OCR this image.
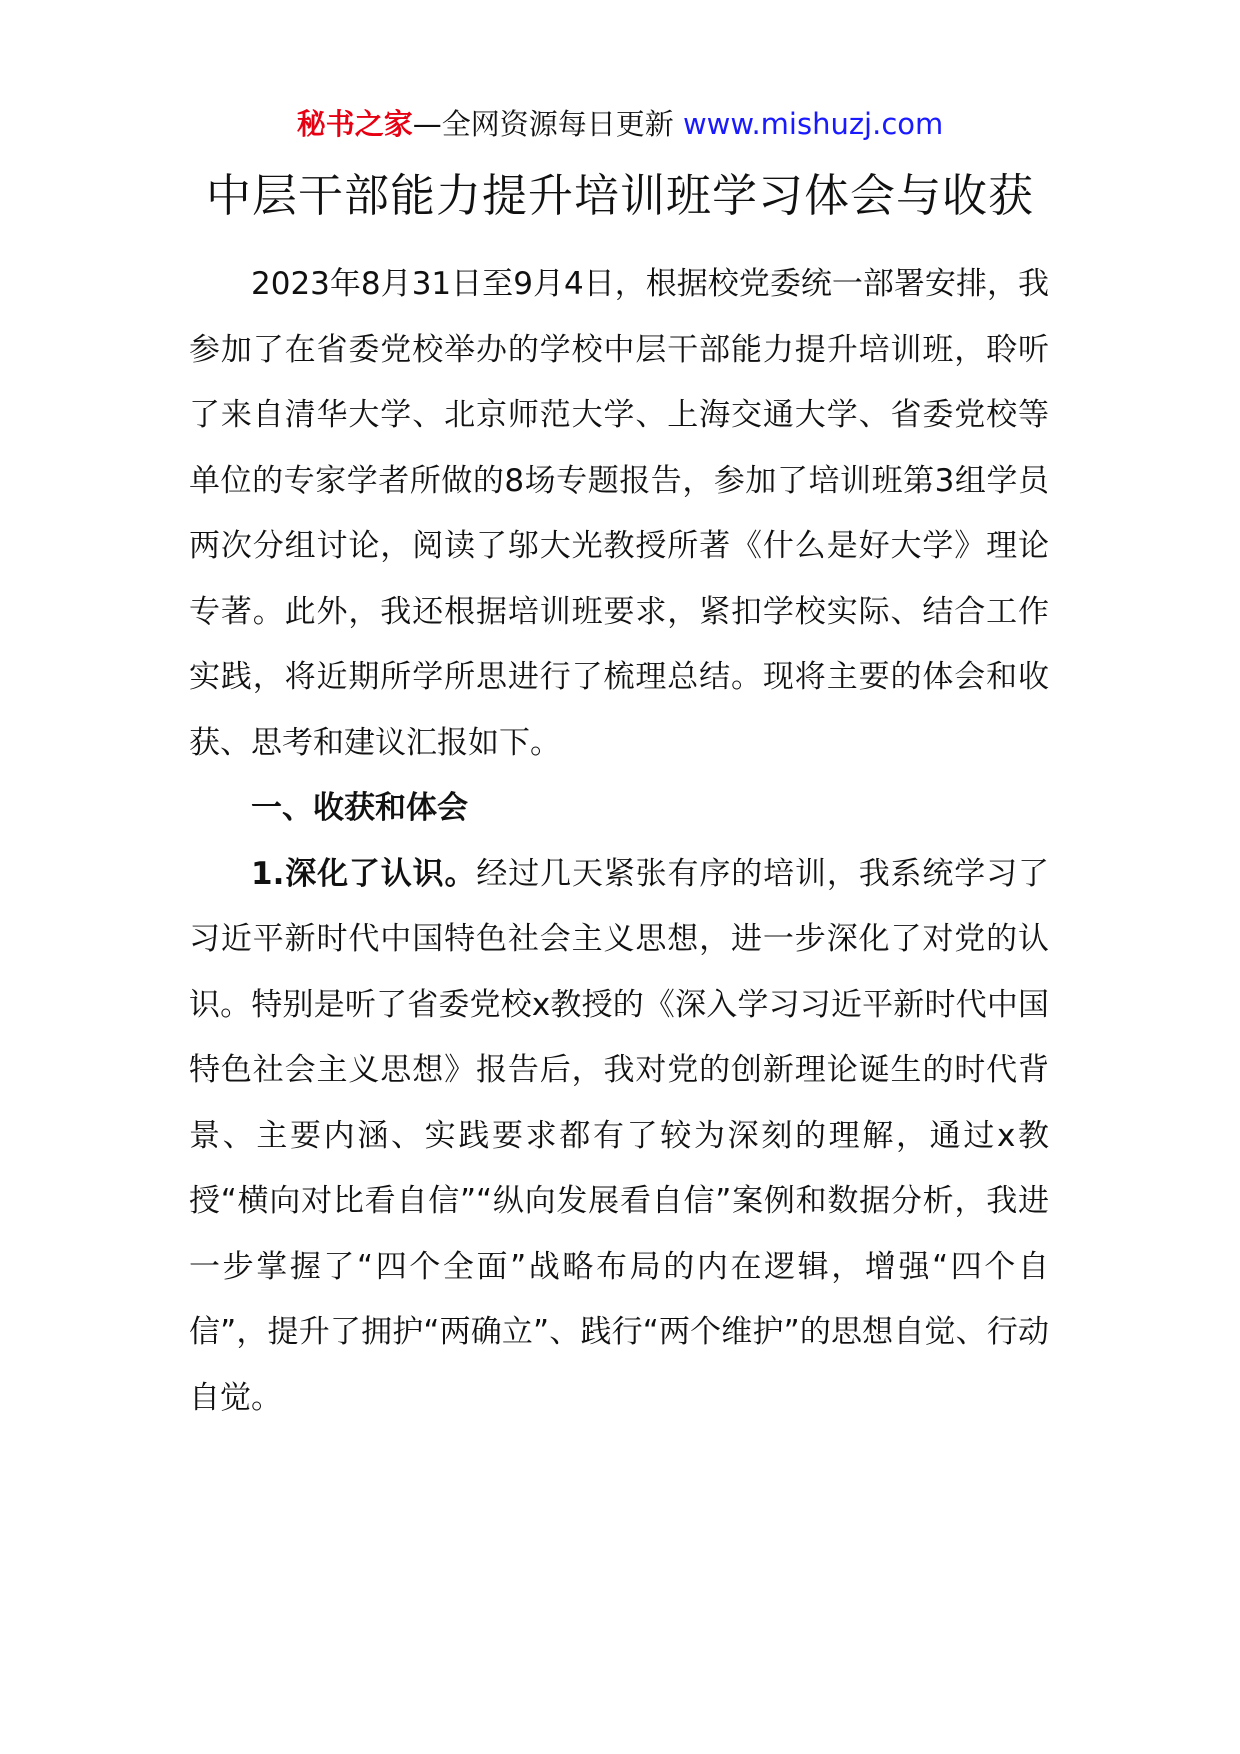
秘书之家—全网资源每日更新 www.mishuzj.com
中层干部能力提升培训班学习体会与收获

2023年8月31日至9月4日，根据校党委统一部署安排，我参加了在省委党校举办的学校中层干部能力提升培训班，聆听了来自清华大学、北京师范大学、上海交通大学、省委党校等单位的专家学者所做的8场专题报告，参加了培训班第3组学员两次分组讨论，阅读了邬大光教授所著《什么是好大学》理论专著。此外，我还根据培训班要求，紧扣学校实际、结合工作实践，将近期所学所思进行了梳理总结。现将主要的体会和收获、思考和建议汇报如下。

一、收获和体会

1.深化了认识。经过几天紧张有序的培训，我系统学习了习近平新时代中国特色社会主义思想，进一步深化了对党的认识。特别是听了省委党校x教授的《深入学习习近平新时代中国特色社会主义思想》报告后，我对党的创新理论诞生的时代背景、主要内涵、实践要求都有了较为深刻的理解，通过x教授“横向对比看自信”“纵向发展看自信”案例和数据分析，我进一步掌握了“四个全面”战略布局的内在逻辑，增强“四个自信”，提升了拥护“两确立”、践行“两个维护”的思想自觉、行动自觉。
